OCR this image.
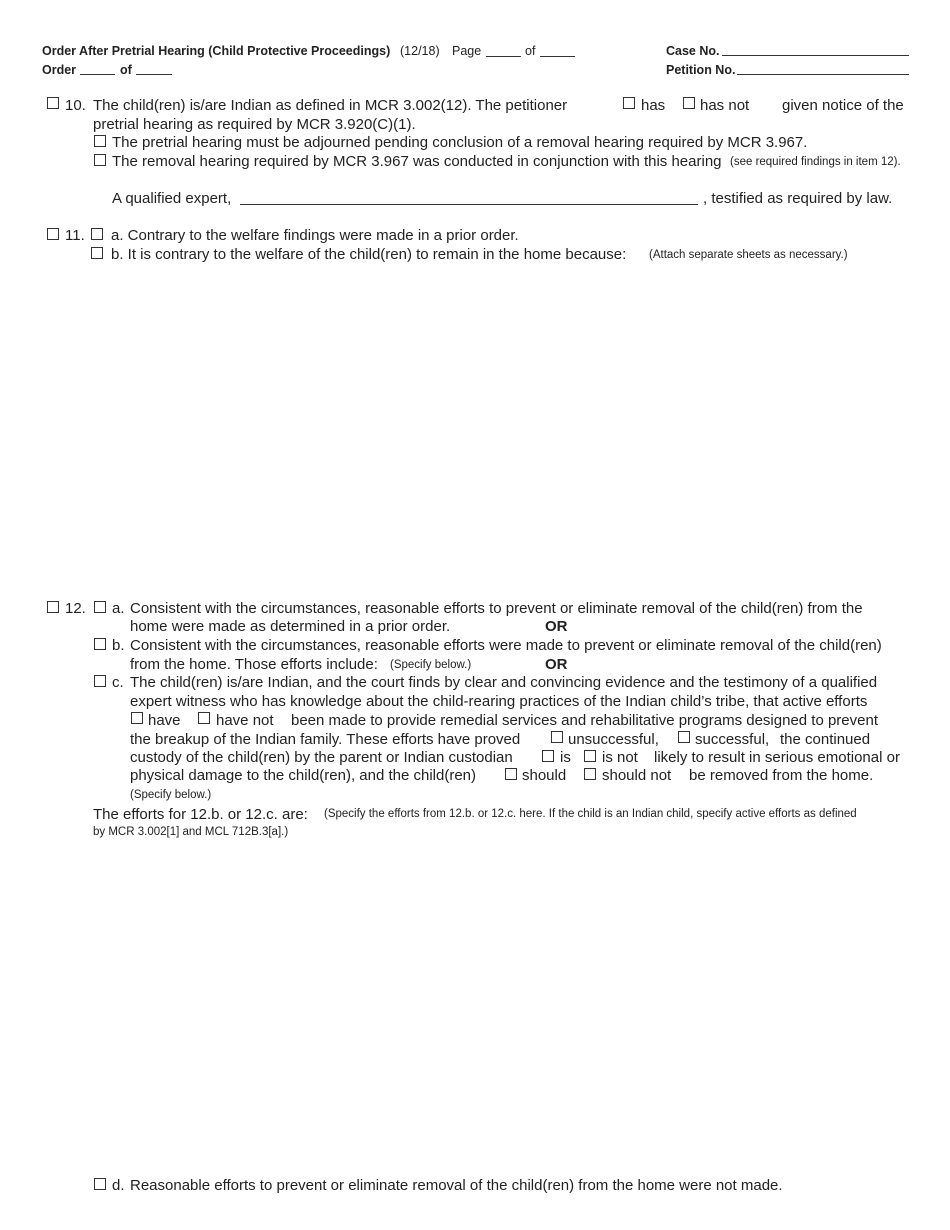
Order After Pretrial Hearing (Child Protective Proceedings) (12/18) Page	of
Order	of
Case No.
Petition No.
10. The child(ren) is/are Indian as defined in MCR 3.002(12). The petitioner	has has not given notice of the
pretrial hearing as required by MCR 3.920(C)(1).
The pretrial hearing must be adjourned pending conclusion of a removal hearing required by MCR 3.967.
The removal hearing required by MCR 3.967 was conducted in conjunction with this hearing (see required findings in item 12).
A qualified expert,	, testified as required by law.
11. a. Contrary to the welfare findings were made in a prior order.
b. It is contrary to the welfare of the child(ren) to remain in the home because: (Attach separate sheets as necessary.)
12. a. Consistent with the circumstances, reasonable efforts to prevent or eliminate removal of the child(ren) from the
home were made as determined in a prior order.	OR
b. Consistent with the circumstances, reasonable efforts were made to prevent or eliminate removal of the child(ren)
from the home. Those efforts include: (Specify below.)	OR
c. The child(ren) is/are Indian, and the court finds by clear and convincing evidence and the testimony of a qualified
expert witness who has knowledge about the child-rearing practices of the Indian child’s tribe, that active efforts
have have not been made to provide remedial services and rehabilitative programs designed to prevent
the breakup of the Indian family. These efforts have proved	unsuccessful, successful, the continued
custody of the child(ren) by the parent or Indian custodian	is is not likely to result in serious emotional or
physical damage to the child(ren), and the child(ren)	should should not be removed from the home.
(Specify below.)
The efforts for 12.b. or 12.c. are: (Specify the efforts from 12.b. or 12.c. here. If the child is an Indian child, specify active efforts as defined
by MCR 3.002[1] and MCL 712B.3[a].)
d. Reasonable efforts to prevent or eliminate removal of the child(ren) from the home were not made.
